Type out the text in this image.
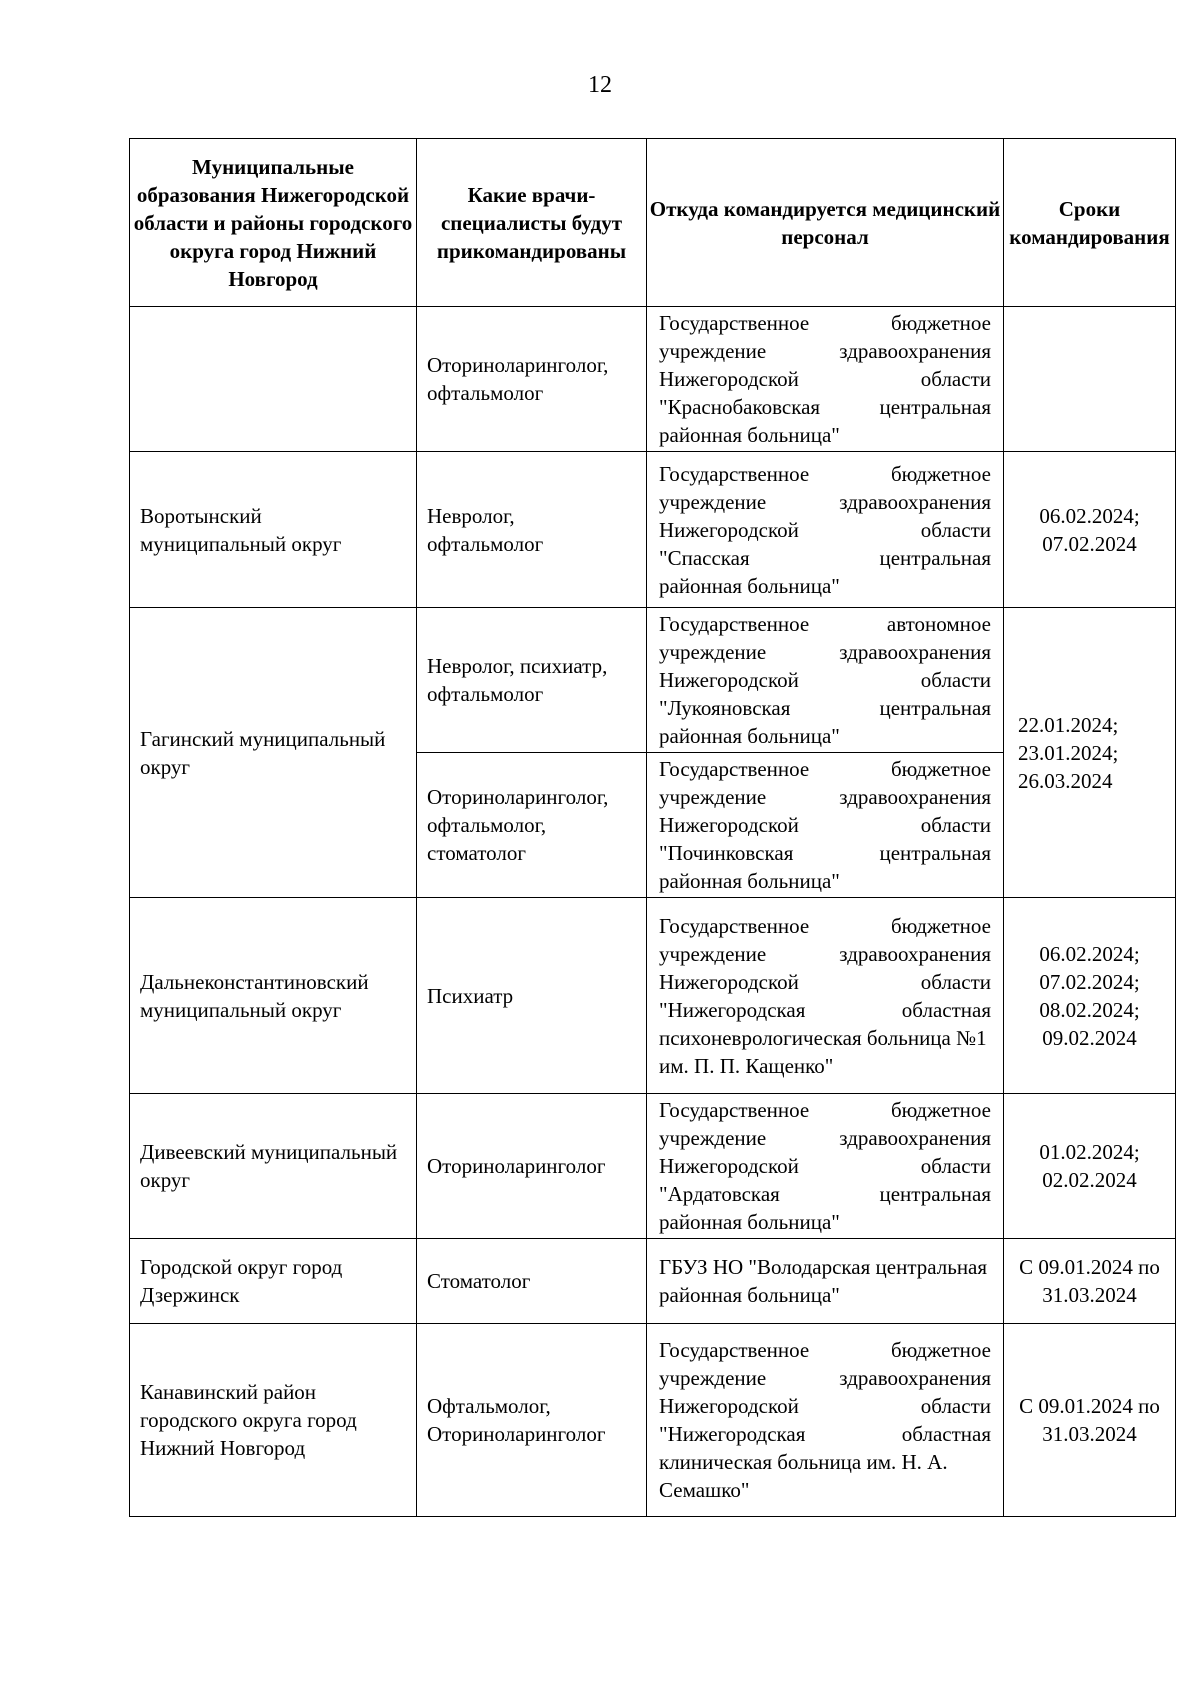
12
Муниципальные образования Нижегородской области и районы городского округа город Нижний Новгород	Какие врачи-специалисты будут прикомандированы	Откуда командируется медицинский персонал	Сроки командирования
	Оториноларинголог, офтальмолог	Государственное бюджетное
учреждение здравоохранения
Нижегородской области
"Краснобаковская центральная
районная больница"	

Воротынский муниципальный округ	Невролог, офтальмолог	Государственное бюджетное
учреждение здравоохранения
Нижегородской области
"Спасская центральная
районная больница"	06.02.2024; 07.02.2024
Гагинский муниципальный округ	Невролог, психиатр, офтальмолог	Государственное автономное
учреждение здравоохранения
Нижегородской области
"Лукояновская центральная
районная больница"	22.01.2024; 23.01.2024; 26.03.2024
	Оториноларинголог, офтальмолог, стоматолог	Государственное бюджетное
учреждение здравоохранения
Нижегородской области
"Починковская центральная
районная больница"	

Дальнеконстантиновский муниципальный округ	Психиатр	Государственное бюджетное
учреждение здравоохранения
Нижегородской области
"Нижегородская областная
психоневрологическая больница №1 им. П. П. Кащенко"	06.02.2024; 07.02.2024; 08.02.2024; 09.02.2024
Дивеевский муниципальный округ	Оториноларинголог	Государственное бюджетное
учреждение здравоохранения
Нижегородской области
"Ардатовская центральная
районная больница"	01.02.2024; 02.02.2024
Городской округ город Дзержинск	Стоматолог	ГБУЗ НО "Володарская центральная районная больница"	С 09.01.2024 по 31.03.2024
Канавинский район городского округа город Нижний Новгород	Офтальмолог, Оториноларинголог	Государственное бюджетное
учреждение здравоохранения
Нижегородской области
"Нижегородская областная
клиническая больница им. Н. А. Семашко"	С 09.01.2024 по 31.03.2024
